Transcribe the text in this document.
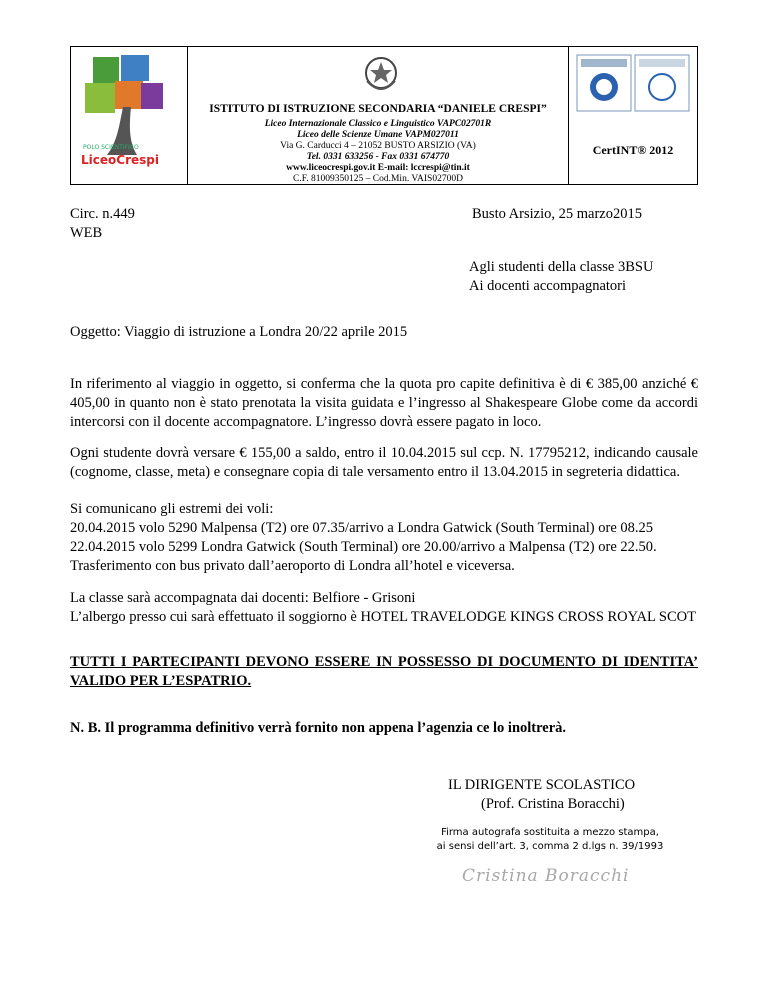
POLO SCIENTIFICO
LiceoCrespi
ISTITUTO DI ISTRUZIONE SECONDARIA “DANIELE CRESPI”
Liceo Internazionale Classico e Linguistico VAPC02701R
Liceo delle Scienze Umane VAPM027011
Via G. Carducci 4 – 21052 BUSTO ARSIZIO (VA)
Tel. 0331 633256 - Fax 0331 674770
www.liceocrespi.gov.it E-mail: lccrespi@tin.it
C.F. 81009350125 – Cod.Min. VAIS02700D
CertINT® 2012
Circ. n.449
WEB
Busto Arsizio, 25 marzo2015
Agli studenti della classe 3BSU
Ai docenti accompagnatori
Oggetto: Viaggio di istruzione a Londra 20/22 aprile 2015
In riferimento al viaggio in oggetto, si conferma che la quota pro capite definitiva è di € 385,00 anziché € 405,00 in quanto non è stato prenotata la visita guidata e l’ingresso al Shakespeare Globe come da accordi intercorsi con il docente accompagnatore. L’ingresso dovrà essere pagato in loco.
Ogni studente dovrà versare € 155,00 a saldo, entro il 10.04.2015 sul ccp. N. 17795212, indicando causale (cognome, classe, meta) e consegnare copia di tale versamento entro il 13.04.2015 in segreteria didattica.
Si comunicano gli estremi dei voli:
20.04.2015 volo 5290 Malpensa (T2) ore 07.35/arrivo a Londra Gatwick (South Terminal) ore 08.25
22.04.2015 volo 5299 Londra Gatwick (South Terminal) ore 20.00/arrivo a Malpensa (T2) ore 22.50.
Trasferimento con bus privato dall’aeroporto di Londra all’hotel e viceversa.
La classe sarà accompagnata dai docenti: Belfiore - Grisoni
L’albergo presso cui sarà effettuato il soggiorno è HOTEL TRAVELODGE KINGS CROSS ROYAL SCOT
TUTTI I PARTECIPANTI DEVONO ESSERE IN POSSESSO DI DOCUMENTO DI IDENTITA’ VALIDO PER L’ESPATRIO.
N. B. Il programma definitivo verrà fornito non appena l’agenzia ce lo inoltrerà.
IL DIRIGENTE SCOLASTICO
(Prof. Cristina Boracchi)
Firma autografa sostituita a mezzo stampa,
ai sensi dell’art. 3, comma 2 d.lgs n. 39/1993
Cristina Boracchi
